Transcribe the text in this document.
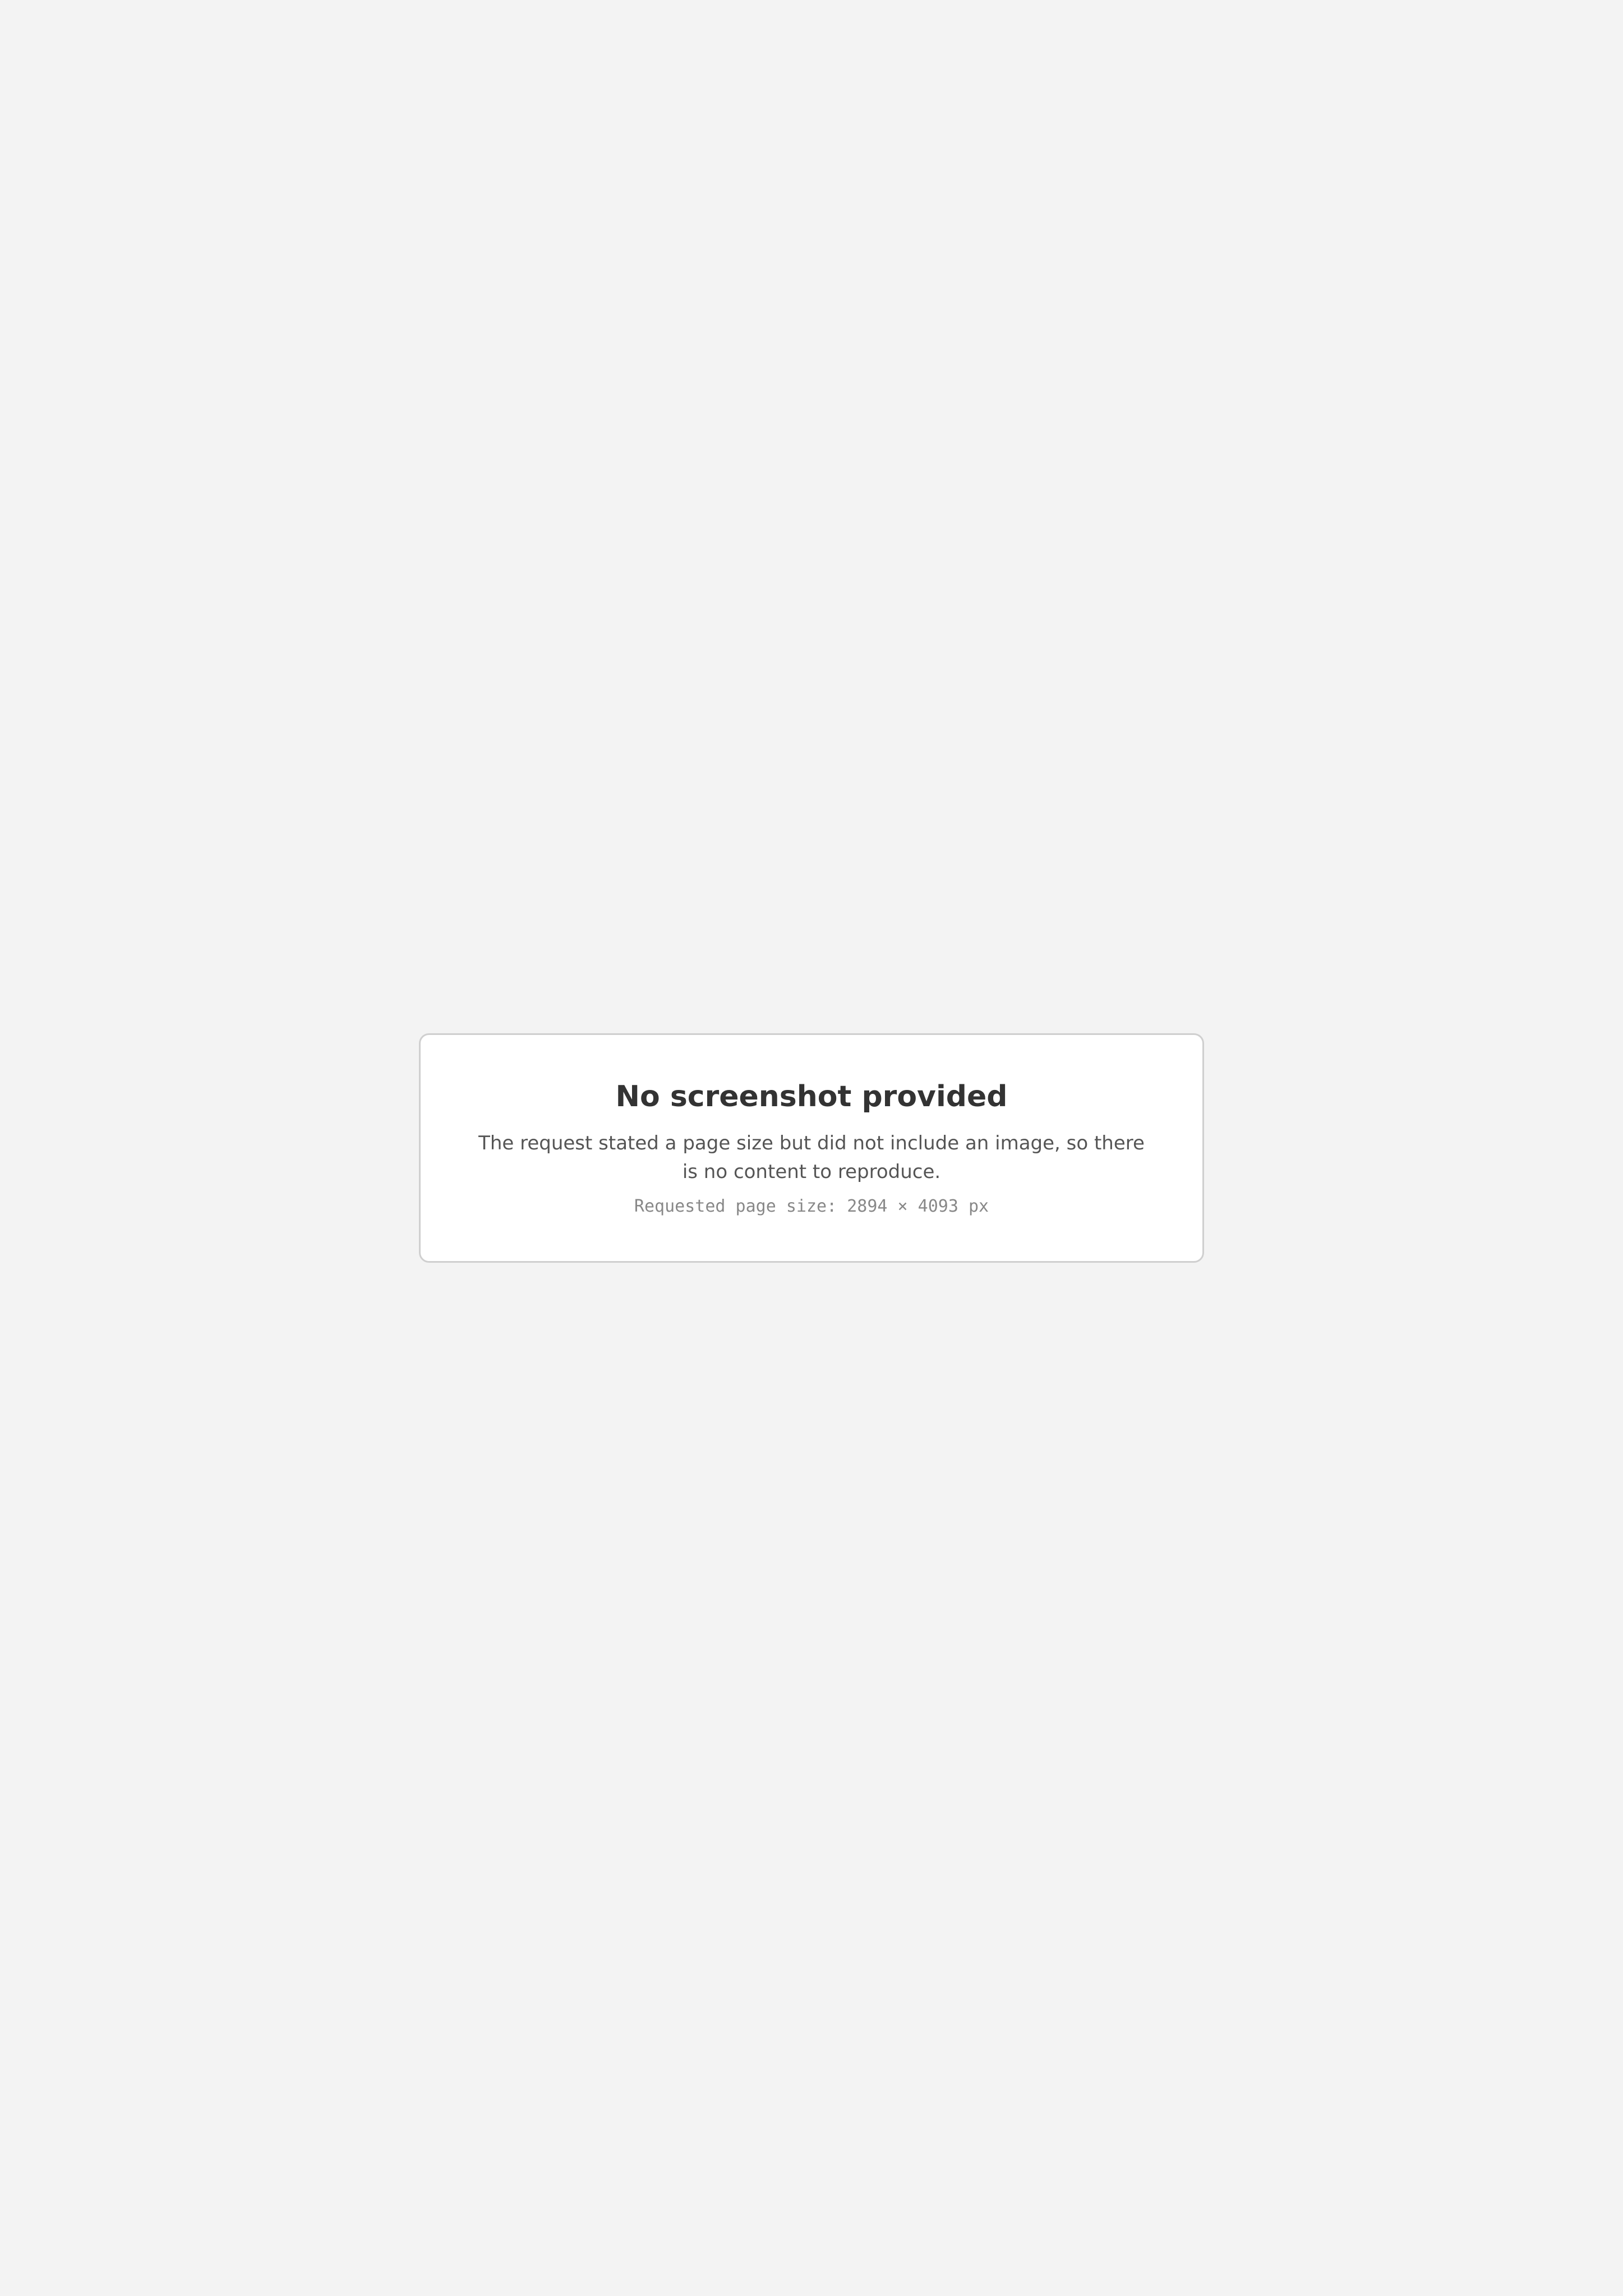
No screenshot provided

The request stated a page size but did not include an image, so there is no content to reproduce.

Requested page size: 2894 × 4093 px
